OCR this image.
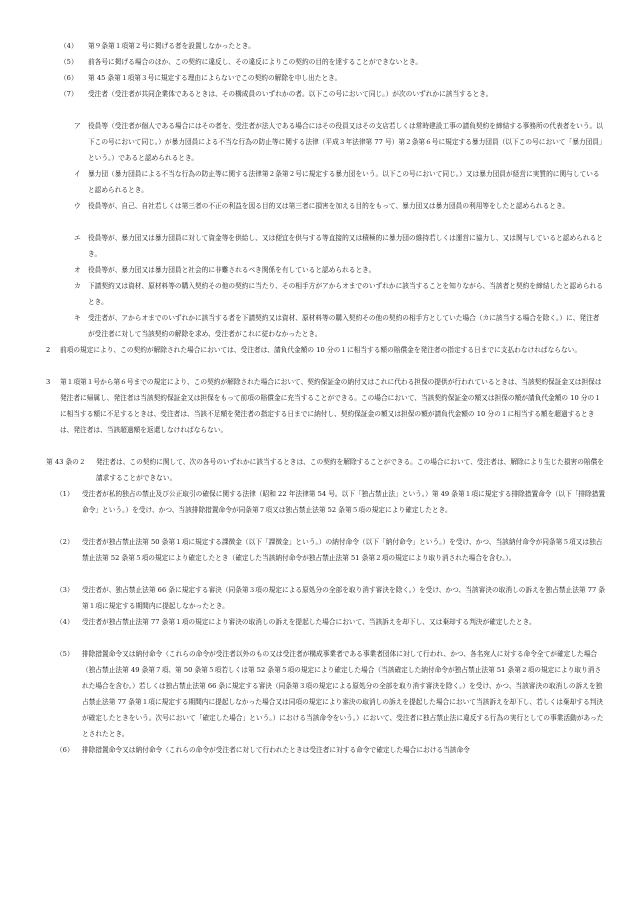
（4） 第９条第１項第２号に掲げる者を設置しなかったとき。
（5） 前各号に掲げる場合のほか、この契約に違反し、その違反によりこの契約の目的を達することができないとき。
（6） 第 45 条第１項第３号に規定する理由によらないでこの契約の解除を申し出たとき。
（7） 受注者（受注者が共同企業体であるときは、その構成員のいずれかの者。以下この号において同じ。）が次のいずれかに該当するとき。
ア 役員等（受注者が個人である場合にはその者を、受注者が法人である場合にはその役員又はその支店若しくは常時建設工事の請負契約を締結する事務所の代表者をいう。以下この号において同じ。）が暴力団員による不当な行為の防止等に関する法律（平成３年法律第 77 号）第２条第６号に規定する暴力団員（以下この号において「暴力団員」という。）であると認められるとき。
イ 暴力団（暴力団員による不当な行為の防止等に関する法律第２条第２号に規定する暴力団をいう。以下この号において同じ。）又は暴力団員が経営に実質的に関与していると認められるとき。
ウ 役員等が、自己、自社若しくは第三者の不正の利益を図る目的又は第三者に損害を加える目的をもって、暴力団又は暴力団員の利用等をしたと認められるとき。
エ 役員等が、暴力団又は暴力団員に対して資金等を供給し、又は便宜を供与する等直接的又は積極的に暴力団の維持若しくは運営に協力し、又は関与していると認められるとき。
オ 役員等が、暴力団又は暴力団員と社会的に非難されるべき関係を有していると認められるとき。
カ 下請契約又は資材、原材料等の購入契約その他の契約に当たり、その相手方がアからオまでのいずれかに該当することを知りながら、当該者と契約を締結したと認められるとき。
キ 受注者が、アからオまでのいずれかに該当する者を下請契約又は資材、原材料等の購入契約その他の契約の相手方としていた場合（カに該当する場合を除く。）に、発注者が受注者に対して当該契約の解除を求め、受注者がこれに従わなかったとき。
2 前項の規定により、この契約が解除された場合においては、受注者は、請負代金額の 10 分の１に相当する額の賠償金を発注者の指定する日までに支払わなければならない。
3 第１項第１号から第６号までの規定により、この契約が解除された場合において、契約保証金の納付又はこれに代わる担保の提供が行われているときは、当該契約保証金又は担保は発注者に帰属し、発注者は当該契約保証金又は担保をもって前項の賠償金に充当することができる。この場合において、当該契約保証金の額又は担保の額が請負代金額の 10 分の１に相当する額に不足するときは、受注者は、当該不足額を発注者の指定する日までに納付し、契約保証金の額又は担保の額が請負代金額の 10 分の１に相当する額を超過するときは、発注者は、当該超過額を返還しなければならない。
第 43 条の２ 発注者は、この契約に関して、次の各号のいずれかに該当するときは、この契約を解除することができる。この場合において、受注者は、解除により生じた損害の賠償を請求することができない。
（1） 受注者が私的独占の禁止及び公正取引の確保に関する法律（昭和 22 年法律第 54 号。以下「独占禁止法」という。）第 49 条第１項に規定する排除措置命令（以下「排除措置命令」という。）を受け、かつ、当該排除措置命令が同条第７項又は独占禁止法第 52 条第５項の規定により確定したとき。
（2） 受注者が独占禁止法第 50 条第１項に規定する課徴金（以下「課徴金」という。）の納付命令（以下「納付命令」という。）を受け、かつ、当該納付命令が同条第５項又は独占禁止法第 52 条第５項の規定により確定したとき（確定した当該納付命令が独占禁止法第 51 条第２項の規定により取り消された場合を含む。）。
（3） 受注者が、独占禁止法第 66 条に規定する審決（同条第３項の規定による原処分の全部を取り消す審決を除く。）を受け、かつ、当該審決の取消しの訴えを独占禁止法第 77 条第１項に規定する期間内に提起しなかったとき。
（4） 受注者が独占禁止法第 77 条第１項の規定により審決の取消しの訴えを提起した場合において、当該訴えを却下し、又は棄却する判決が確定したとき。
（5） 排除措置命令又は納付命令（これらの命令が受注者以外のもの又は受注者が構成事業者である事業者団体に対して行われ、かつ、各名宛人に対する命令全てが確定した場合（独占禁止法第 49 条第７項、第 50 条第５項若しくは第 52 条第５項の規定により確定した場合（当該確定した納付命令が独占禁止法第 51 条第２項の規定により取り消された場合を含む。）若しくは独占禁止法第 66 条に規定する審決（同条第３項の規定による原処分の全部を取り消す審決を除く。）を受け、かつ、当該審決の取消しの訴えを独占禁止法第 77 条第１項に規定する期間内に提起しなかった場合又は同項の規定により審決の取消しの訴えを提起した場合において当該訴えを却下し、若しくは棄却する判決が確定したときをいう。次号において「確定した場合」という。）における当該命令をいう。）において、受注者に独占禁止法に違反する行為の実行としての事業活動があったとされたとき。
（6） 排除措置命令又は納付命令（これらの命令が受注者に対して行われたときは受注者に対する命令で確定した場合における当該命令
